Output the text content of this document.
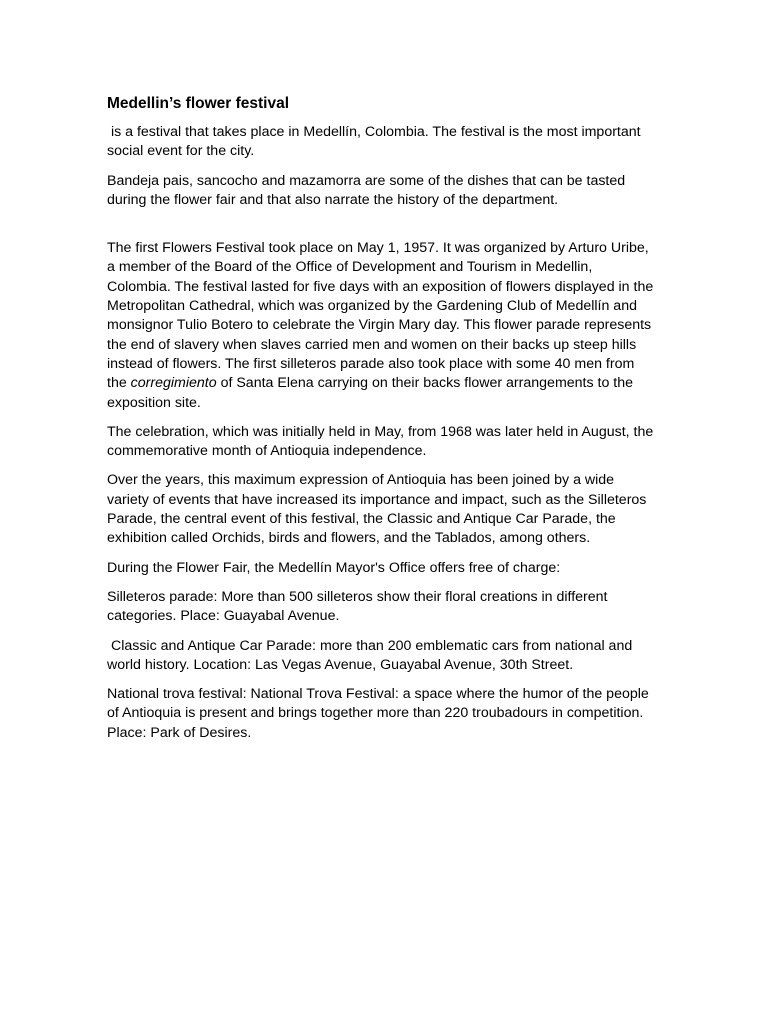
Medellin’s flower festival

is a festival that takes place in Medellín, Colombia. The festival is the most important social event for the city.

Bandeja pais, sancocho and mazamorra are some of the dishes that can be tasted during the flower fair and that also narrate the history of the department.

The first Flowers Festival took place on May 1, 1957. It was organized by Arturo Uribe, a member of the Board of the Office of Development and Tourism in Medellin, Colombia. The festival lasted for five days with an exposition of flowers displayed in the Metropolitan Cathedral, which was organized by the Gardening Club of Medellín and monsignor Tulio Botero to celebrate the Virgin Mary day. This flower parade represents the end of slavery when slaves carried men and women on their backs up steep hills instead of flowers. The first silleteros parade also took place with some 40 men from the corregimiento of Santa Elena carrying on their backs flower arrangements to the exposition site.

The celebration, which was initially held in May, from 1968 was later held in August, the commemorative month of Antioquia independence.

Over the years, this maximum expression of Antioquia has been joined by a wide variety of events that have increased its importance and impact, such as the Silleteros Parade, the central event of this festival, the Classic and Antique Car Parade, the exhibition called Orchids, birds and flowers, and the Tablados, among others.

During the Flower Fair, the Medellín Mayor's Office offers free of charge:

Silleteros parade: More than 500 silleteros show their floral creations in different categories. Place: Guayabal Avenue.

Classic and Antique Car Parade: more than 200 emblematic cars from national and world history. Location: Las Vegas Avenue, Guayabal Avenue, 30th Street.

National trova festival: National Trova Festival: a space where the humor of the people of Antioquia is present and brings together more than 220 troubadours in competition. Place: Park of Desires.
